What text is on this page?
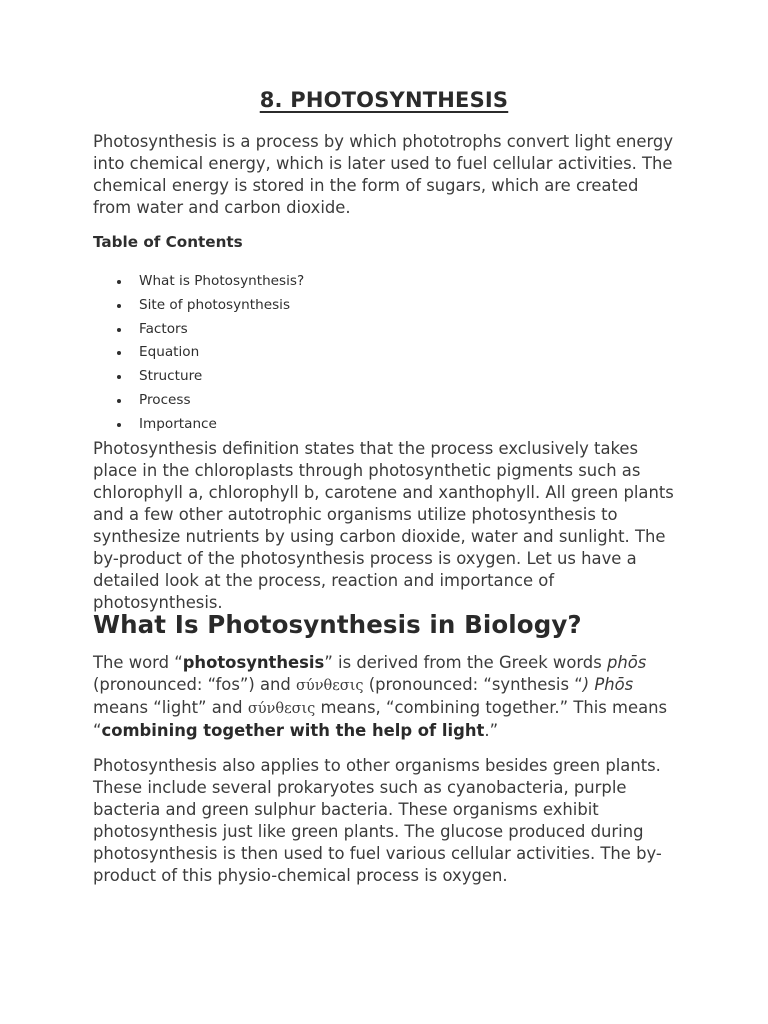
8. PHOTOSYNTHESIS

Photosynthesis is a process by which phototrophs convert light energy into chemical energy, which is later used to fuel cellular activities. The chemical energy is stored in the form of sugars, which are created from water and carbon dioxide.

Table of Contents
What is Photosynthesis?
Site of photosynthesis
Factors
Equation
Structure
Process
Importance

Photosynthesis definition states that the process exclusively takes place in the chloroplasts through photosynthetic pigments such as chlorophyll a, chlorophyll b, carotene and xanthophyll. All green plants and a few other autotrophic organisms utilize photosynthesis to synthesize nutrients by using carbon dioxide, water and sunlight. The by-product of the photosynthesis process is oxygen. Let us have a detailed look at the process, reaction and importance of photosynthesis.

What Is Photosynthesis in Biology?

The word “photosynthesis” is derived from the Greek words phōs (pronounced: “fos”) and σύνθεσις (pronounced: “synthesis “) Phōs means “light” and σύνθεσις means, “combining together.” This means “combining together with the help of light.”

Photosynthesis also applies to other organisms besides green plants. These include several prokaryotes such as cyanobacteria, purple bacteria and green sulphur bacteria. These organisms exhibit photosynthesis just like green plants. The glucose produced during photosynthesis is then used to fuel various cellular activities. The by-product of this physio-chemical process is oxygen.
